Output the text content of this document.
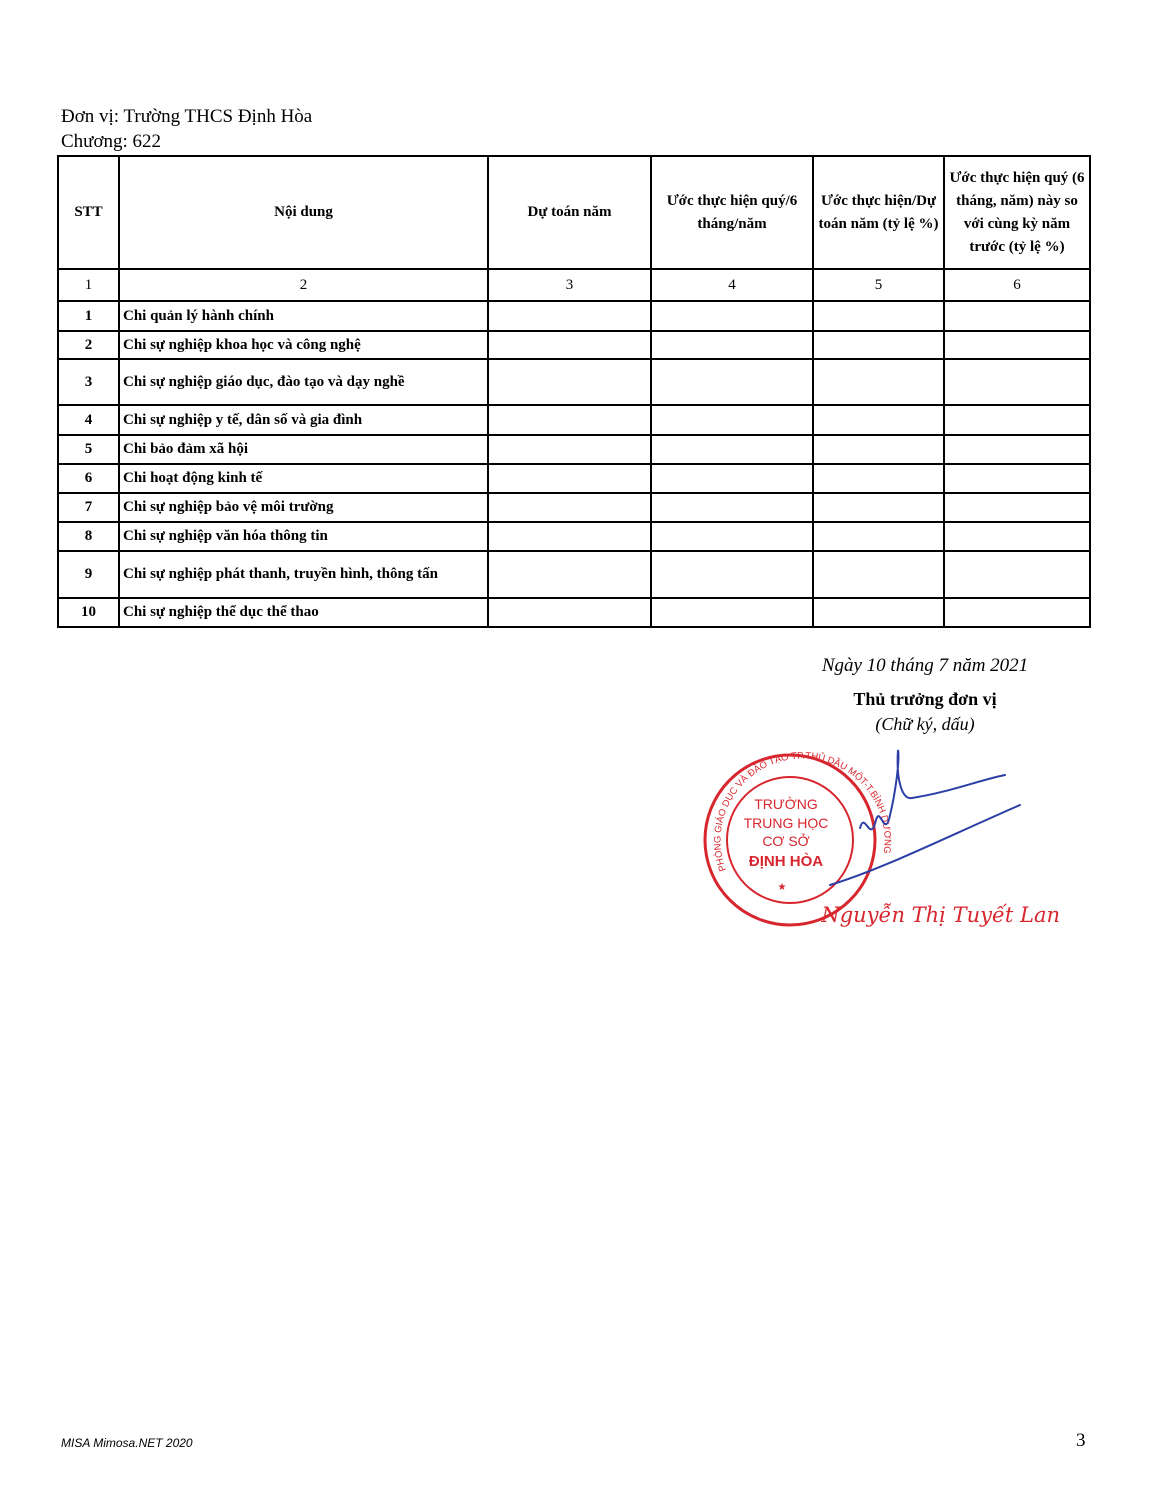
Đơn vị: Trường THCS Định Hòa
Chương: 622
STT	Nội dung	Dự toán năm	Ước thực hiện quý/6 tháng/năm	Ước thực hiện/Dự toán năm (tỷ lệ %)	Ước thực hiện quý (6 tháng, năm) này so với cùng kỳ năm trước (tỷ lệ %)
1	2	3	4	5	6
1	Chi quản lý hành chính				
2	Chi sự nghiệp khoa học và công nghệ				
3	Chi sự nghiệp giáo dục, đào tạo và dạy nghề				
4	Chi sự nghiệp y tế, dân số và gia đình				
5	Chi bảo đảm xã hội				
6	Chi hoạt động kinh tế				
7	Chi sự nghiệp bảo vệ môi trường				
8	Chi sự nghiệp văn hóa thông tin				
9	Chi sự nghiệp phát thanh, truyền hình, thông tấn				
10	Chi sự nghiệp thể dục thể thao				
Ngày 10 tháng 7 năm 2021
Thủ trưởng đơn vị
(Chữ ký, dấu)
PHÒNG GIÁO DỤC VÀ ĐÀO TẠO TP.THỦ DẦU MỘT-T.BÌNH DƯƠNG
TRƯỜNG
TRUNG HỌC
CƠ SỞ
ĐỊNH HÒA
★
Nguyễn Thị Tuyết Lan
MISA Mimosa.NET 2020	3
